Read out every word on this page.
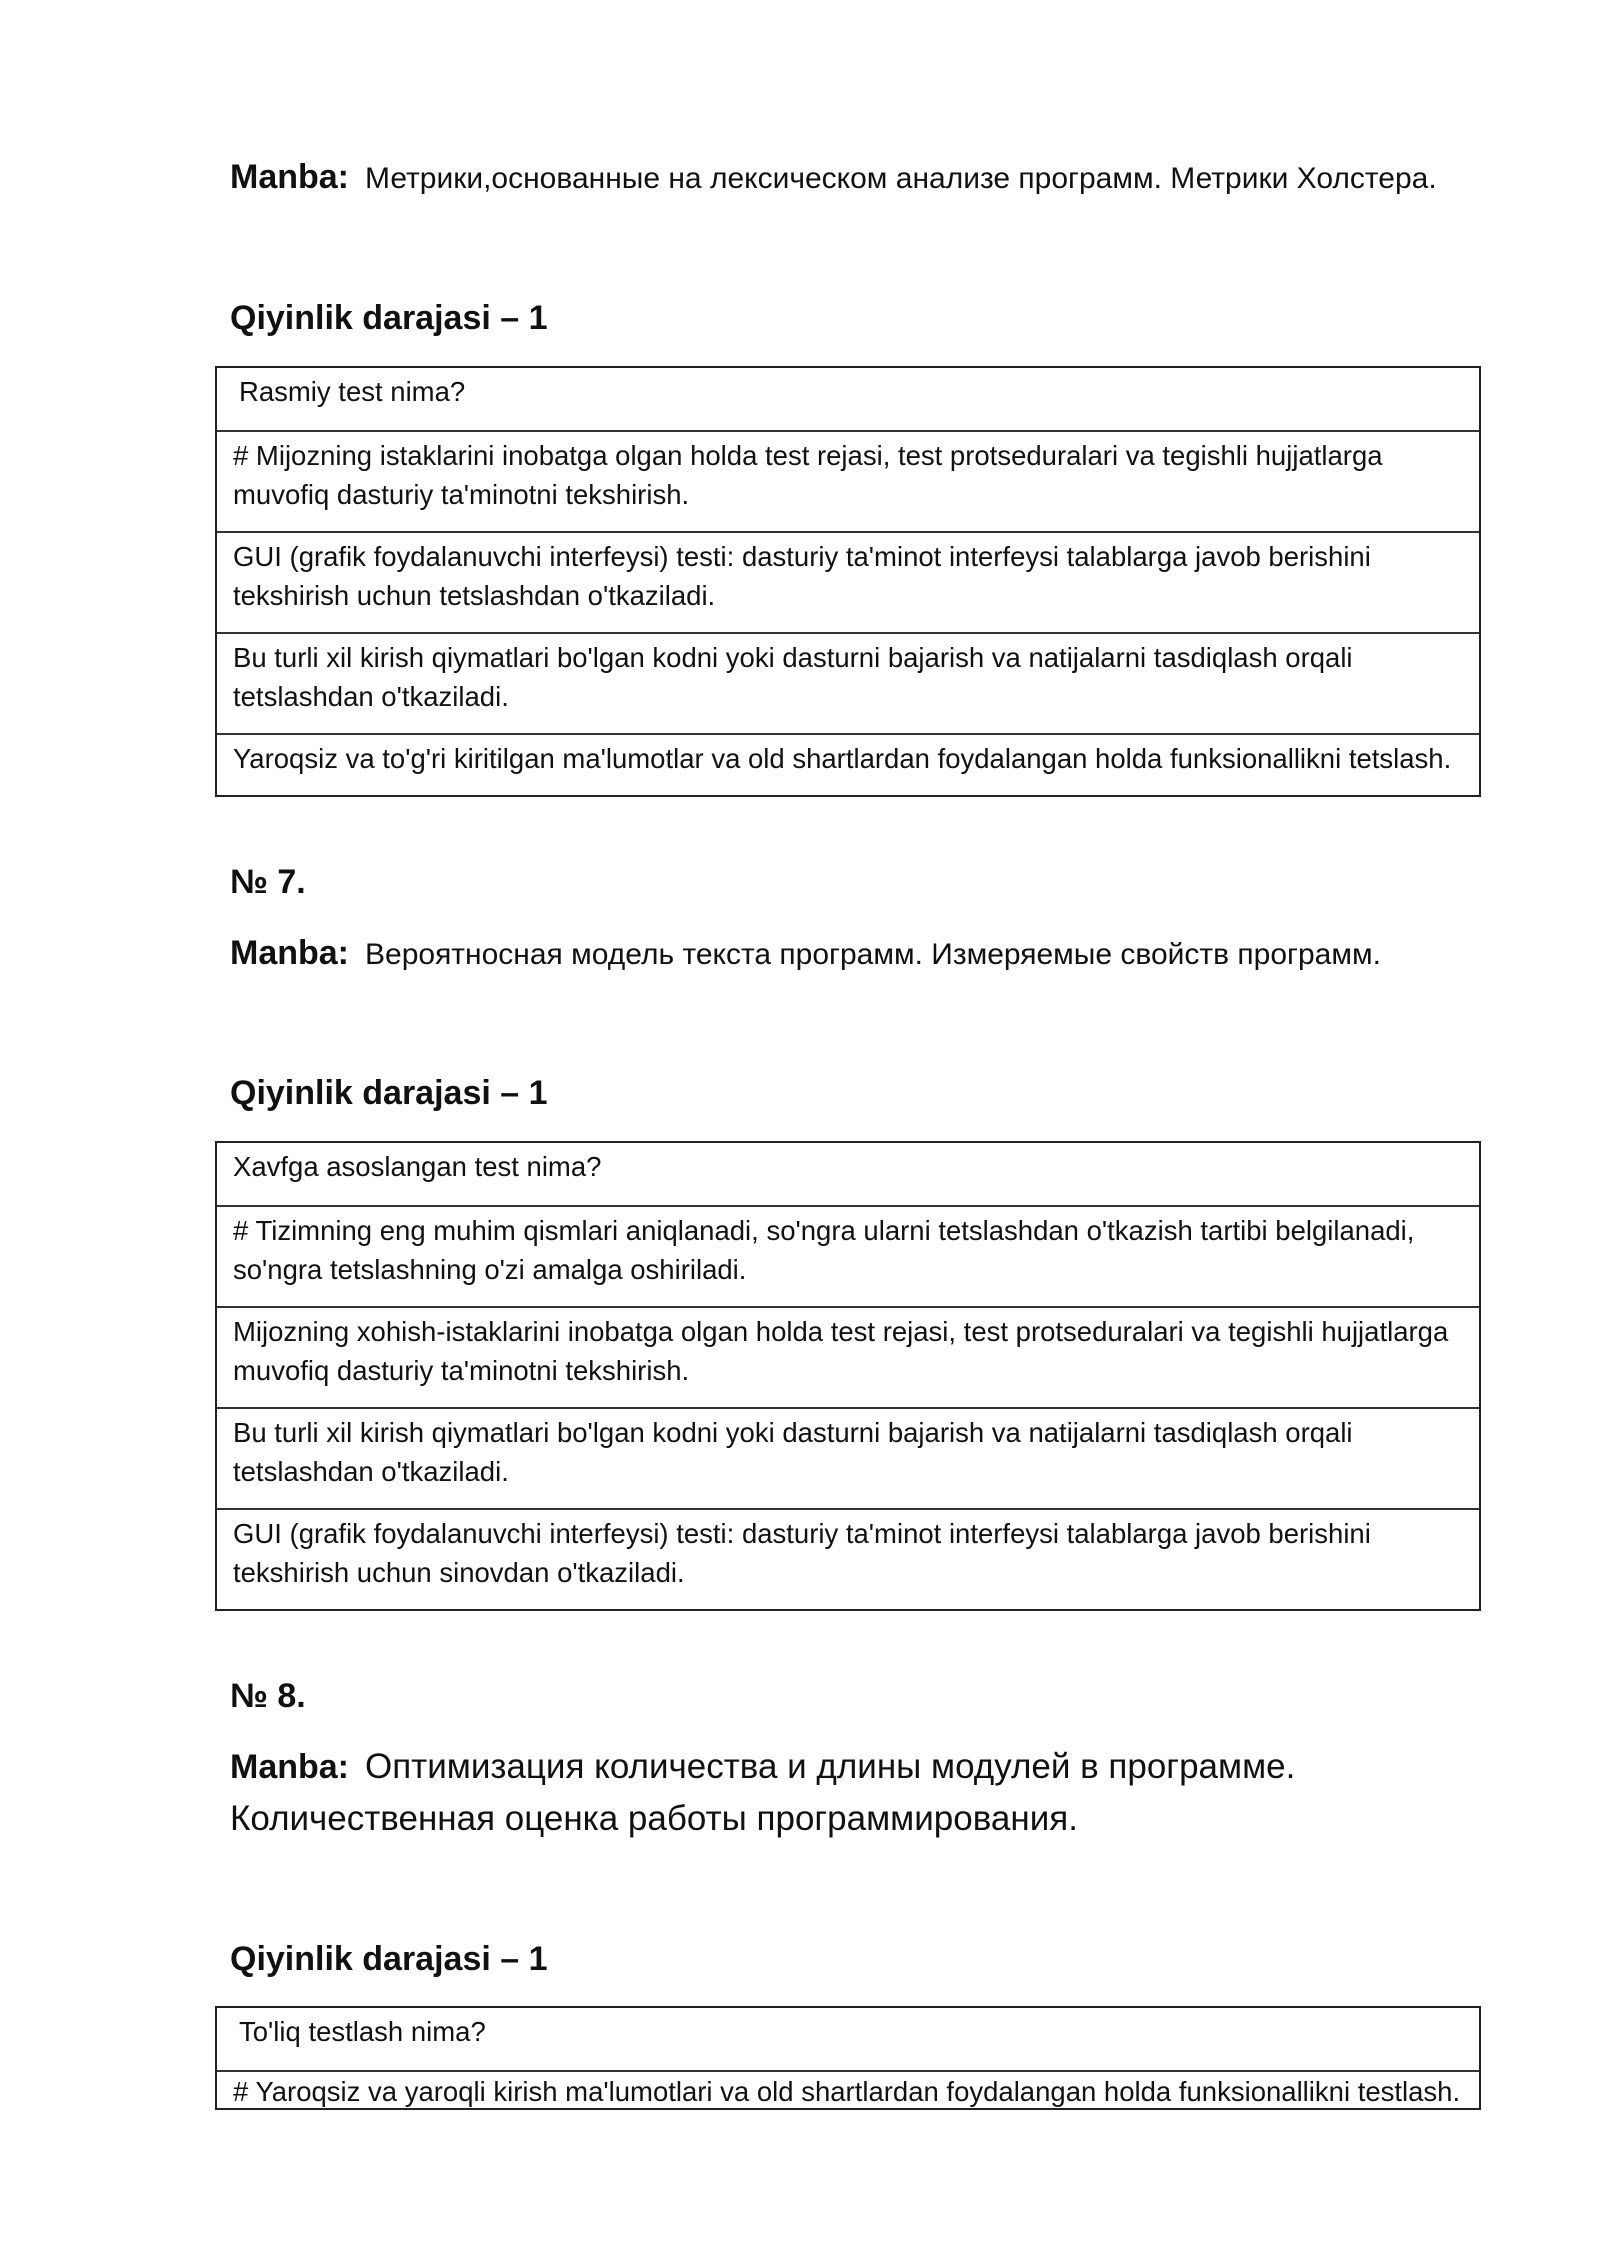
Manba: Метрики,основанные на лексическом анализе программ. Метрики Холстера.
Qiyinlik darajasi – 1
Rasmiy test nima?
# Mijozning istaklarini inobatga olgan holda test rejasi, test protseduralari va tegishli hujjatlarga muvofiq dasturiy ta'minotni tekshirish.
GUI (grafik foydalanuvchi interfeysi) testi: dasturiy ta'minot interfeysi talablarga javob berishini tekshirish uchun tetslashdan o'tkaziladi.
Bu turli xil kirish qiymatlari bo'lgan kodni yoki dasturni bajarish va natijalarni tasdiqlash orqali tetslashdan o'tkaziladi.
Yaroqsiz va to'g'ri kiritilgan ma'lumotlar va old shartlardan foydalangan holda funksionallikni tetslash.
№ 7.
Manba: Вероятносная модель текста программ. Измеряемые свойств программ.
Qiyinlik darajasi – 1
Xavfga asoslangan test nima?
# Tizimning eng muhim qismlari aniqlanadi, so'ngra ularni tetslashdan o'tkazish tartibi belgilanadi, so'ngra tetslashning o'zi amalga oshiriladi.
Mijozning xohish-istaklarini inobatga olgan holda test rejasi, test protseduralari va tegishli hujjatlarga muvofiq dasturiy ta'minotni tekshirish.
Bu turli xil kirish qiymatlari bo'lgan kodni yoki dasturni bajarish va natijalarni tasdiqlash orqali tetslashdan o'tkaziladi.
GUI (grafik foydalanuvchi interfeysi) testi: dasturiy ta'minot interfeysi talablarga javob berishini tekshirish uchun sinovdan o'tkaziladi.
№ 8.
Manba: Оптимизация количества и длины модулей в программе.
Количественная оценка работы программирования.
Qiyinlik darajasi – 1
To'liq testlash nima?
# Yaroqsiz va yaroqli kirish ma'lumotlari va old shartlardan foydalangan holda funksionallikni testlash.
